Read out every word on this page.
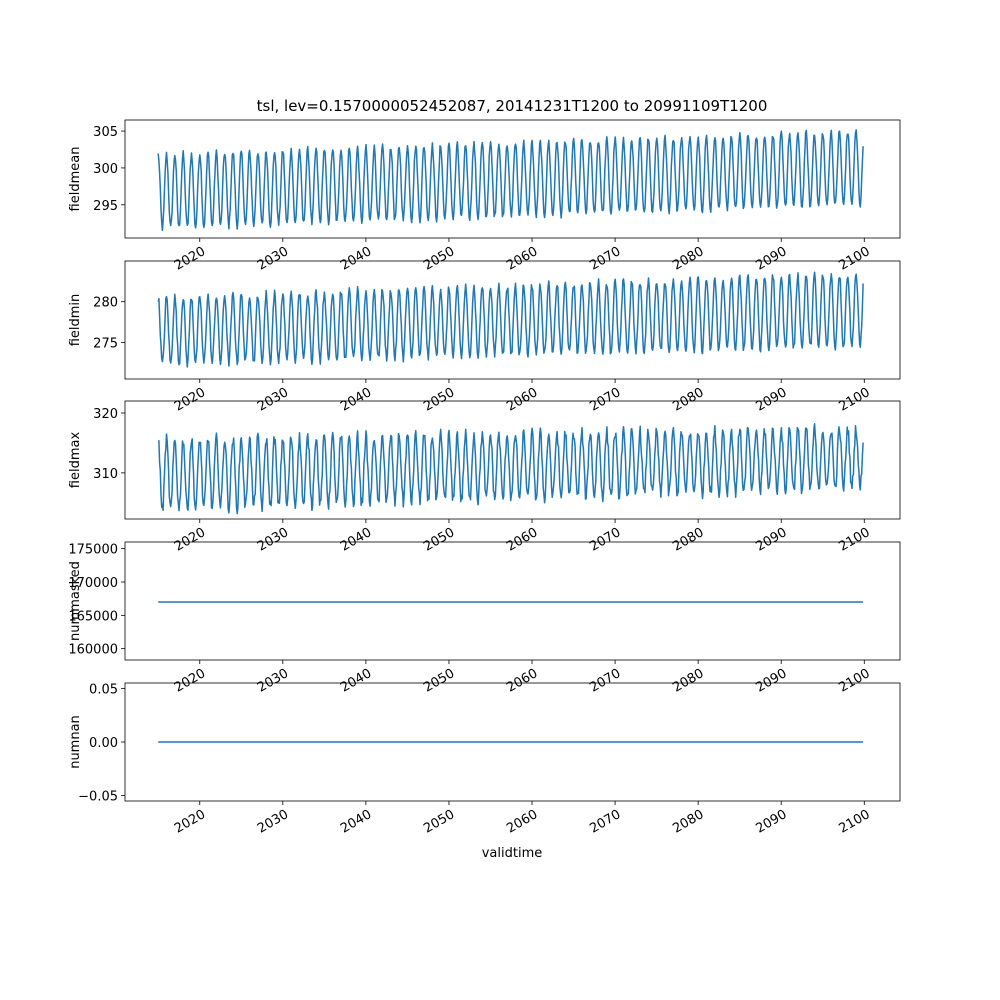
tsl, lev=0.1570000052452087, 20141231T1200 to 20991109T1200
295
300
305
2020	2030	2040	2050	2060	2070	2080	2090	2100
fieldmean
275
280
2020	2030	2040	2050	2060	2070	2080	2090	2100
fieldmin
310
320
2020	2030	2040	2050	2060	2070	2080	2090	2100
fieldmax
160000
165000
170000
175000
2020	2030	2040	2050	2060	2070	2080	2090	2100
nummasked
−0.05
0.00
0.05
2020	2030	2040	2050	2060	2070	2080	2090	2100
numnan
validtime
